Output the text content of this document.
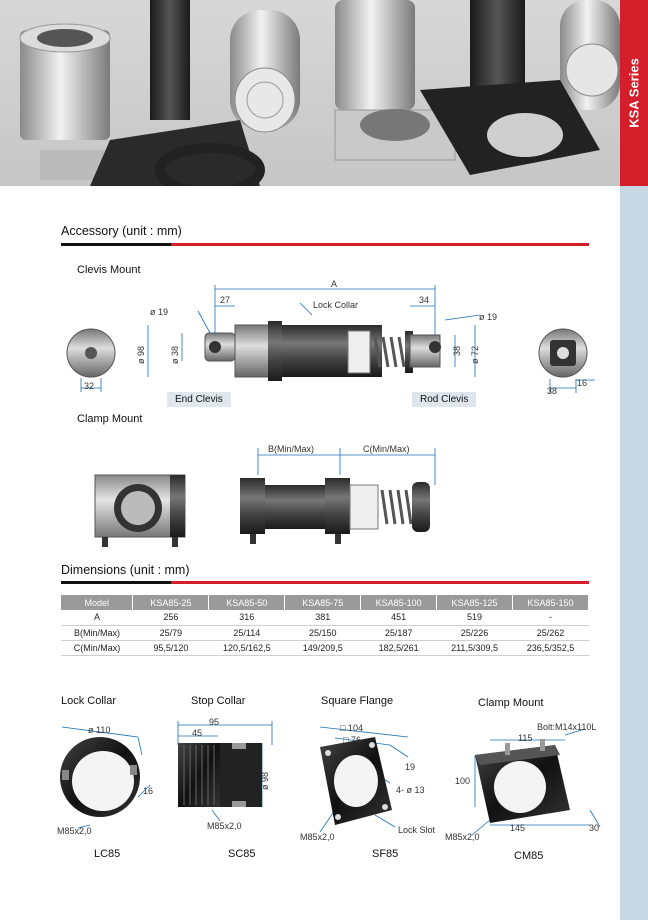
KSA Series
Accessory (unit : mm)
Clevis Mount
A
27	34
Lock Collar
ø 19	ø 19
ø 98	ø 38	38 ø 72
32	16
38
End Clevis	Rod Clevis
Clamp Mount
B(Min/Max)	C(Min/Max)
Dimensions (unit : mm)
Model	KSA85-25	KSA85-50	KSA85-75	KSA85-100	KSA85-125	KSA85-150
A	256	316	381	451	519	-
B(Min/Max)	25/79	25/114	25/150	25/187	25/226	25/262
C(Min/Max)	95,5/120	120,5/162,5	149/209,5	182,5/261	211,5/309,5	236,5/352,5
Lock Collar	Stop Collar	Square Flange	Clamp Mount
ø 110
16
M85x2,0
LC85
95
45
ø 98
M85x2,0
SC85
□ 104
□ 76
19
4- ø 13
Lock Slot
M85x2,0
SF85
Bolt:M14x110L
115
100
145	30
M85x2,0
CM85
